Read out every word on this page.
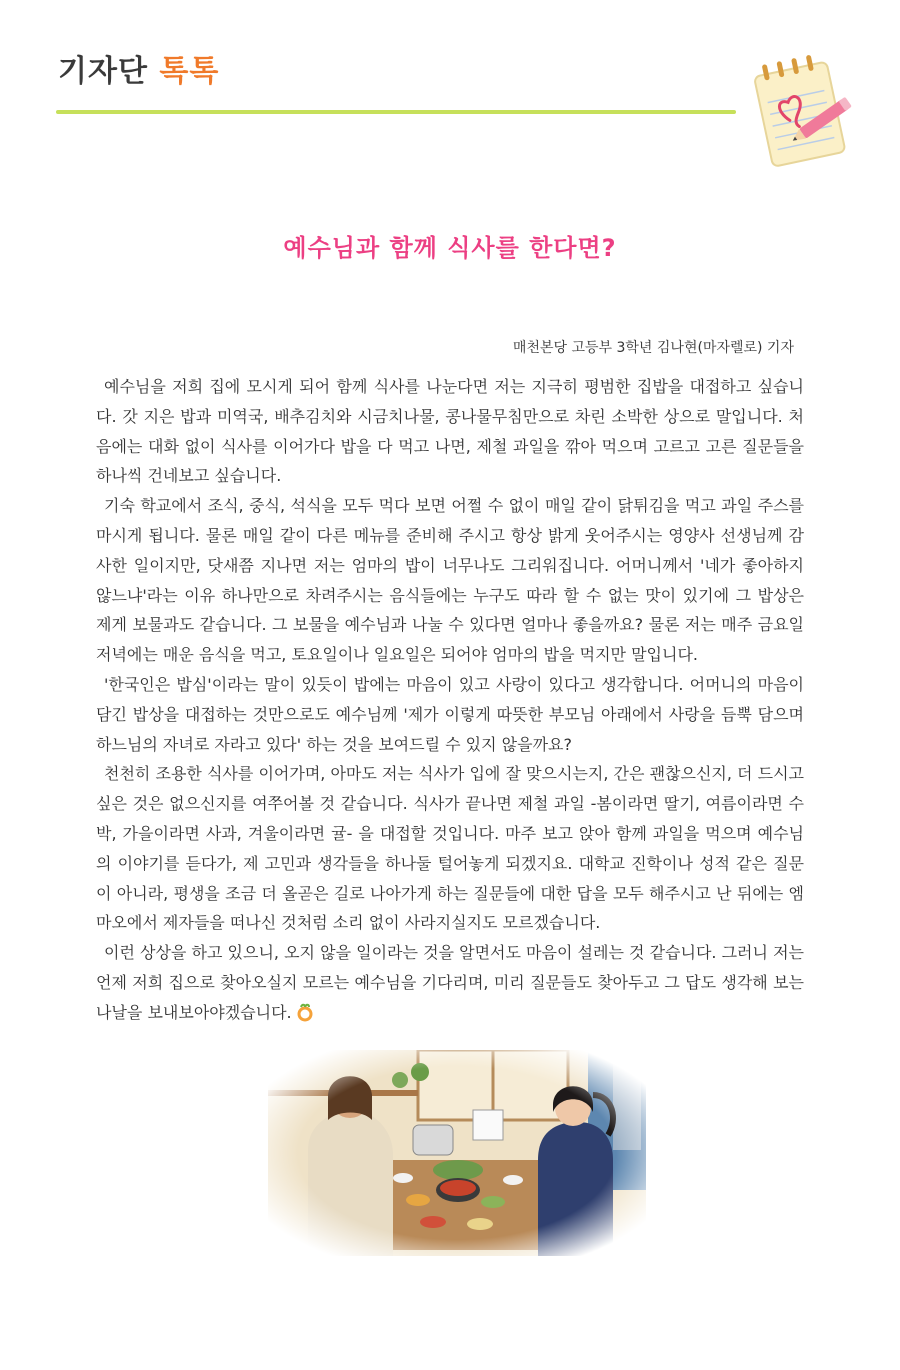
기자단 톡톡
예수님과 함께 식사를 한다면?
매천본당 고등부 3학년 김나현(마자렐로) 기자

예수님을 저희 집에 모시게 되어 함께 식사를 나눈다면 저는 지극히 평범한 집밥을 대접하고 싶습니다. 갓 지은 밥과 미역국, 배추김치와 시금치나물, 콩나물무침만으로 차린 소박한 상으로 말입니다. 처음에는 대화 없이 식사를 이어가다 밥을 다 먹고 나면, 제철 과일을 깎아 먹으며 고르고 고른 질문들을 하나씩 건네보고 싶습니다.

기숙 학교에서 조식, 중식, 석식을 모두 먹다 보면 어쩔 수 없이 매일 같이 닭튀김을 먹고 과일 주스를 마시게 됩니다. 물론 매일 같이 다른 메뉴를 준비해 주시고 항상 밝게 웃어주시는 영양사 선생님께 감사한 일이지만, 닷새쯤 지나면 저는 엄마의 밥이 너무나도 그리워집니다. 어머니께서 '네가 좋아하지 않느냐'라는 이유 하나만으로 차려주시는 음식들에는 누구도 따라 할 수 없는 맛이 있기에 그 밥상은 제게 보물과도 같습니다. 그 보물을 예수님과 나눌 수 있다면 얼마나 좋을까요? 물론 저는 매주 금요일 저녁에는 매운 음식을 먹고, 토요일이나 일요일은 되어야 엄마의 밥을 먹지만 말입니다.

'한국인은 밥심'이라는 말이 있듯이 밥에는 마음이 있고 사랑이 있다고 생각합니다. 어머니의 마음이 담긴 밥상을 대접하는 것만으로도 예수님께 '제가 이렇게 따뜻한 부모님 아래에서 사랑을 듬뿍 담으며 하느님의 자녀로 자라고 있다' 하는 것을 보여드릴 수 있지 않을까요?

천천히 조용한 식사를 이어가며, 아마도 저는 식사가 입에 잘 맞으시는지, 간은 괜찮으신지, 더 드시고 싶은 것은 없으신지를 여쭈어볼 것 같습니다. 식사가 끝나면 제철 과일 -봄이라면 딸기, 여름이라면 수박, 가을이라면 사과, 겨울이라면 귤- 을 대접할 것입니다. 마주 보고 앉아 함께 과일을 먹으며 예수님의 이야기를 듣다가, 제 고민과 생각들을 하나둘 털어놓게 되겠지요. 대학교 진학이나 성적 같은 질문이 아니라, 평생을 조금 더 올곧은 길로 나아가게 하는 질문들에 대한 답을 모두 해주시고 난 뒤에는 엠마오에서 제자들을 떠나신 것처럼 소리 없이 사라지실지도 모르겠습니다.

이런 상상을 하고 있으니, 오지 않을 일이라는 것을 알면서도 마음이 설레는 것 같습니다. 그러니 저는 언제 저희 집으로 찾아오실지 모르는 예수님을 기다리며, 미리 질문들도 찾아두고 그 답도 생각해 보는 나날을 보내보아야겠습니다.
